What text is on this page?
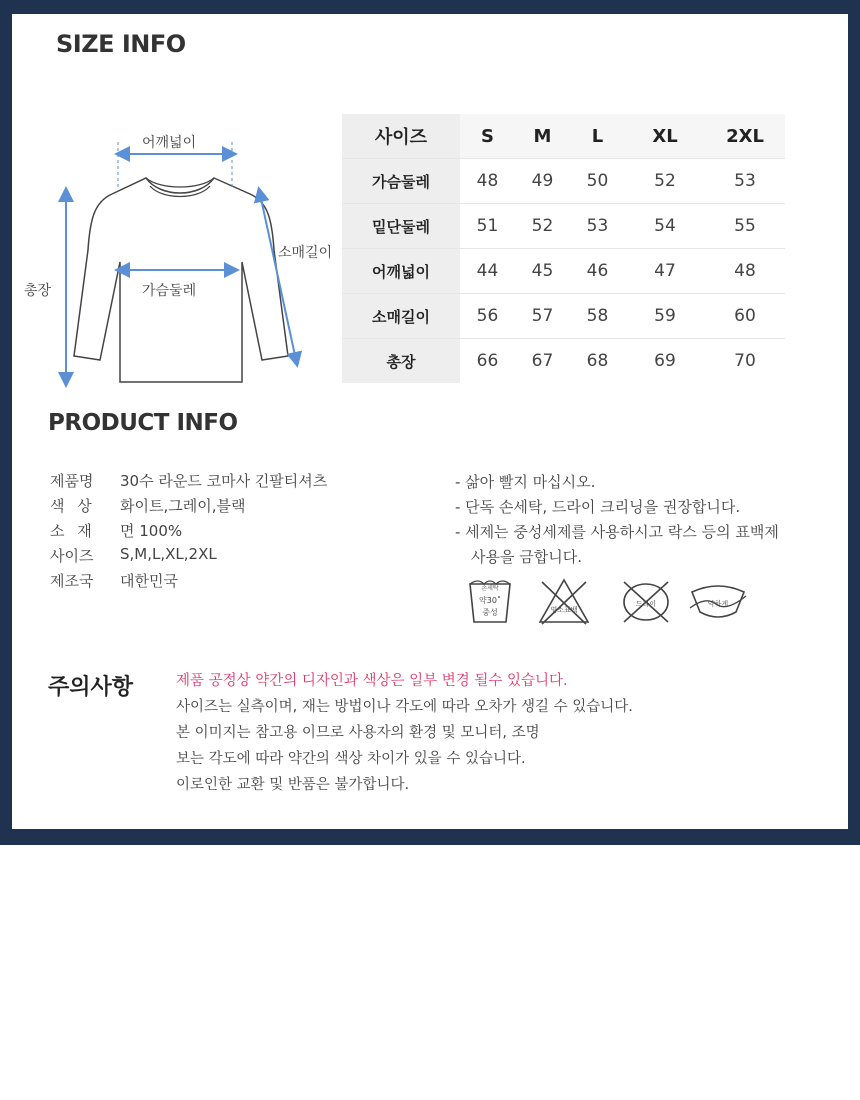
SIZE INFO
어깨넓이
소매길이
총장	가슴둘레
사이즈	S	M	L	XL	2XL
가슴둘레	48	49	50	52	53
밑단둘레	51	52	53	54	55
어깨넓이	44	45	46	47	48
소매길이	56	57	58	59	60
총장	66	67	68	69	70
PRODUCT INFO
제품명	30수 라운드 코마사 긴팔티셔츠
색 상	화이트,그레이,블랙
소 재	면 100%
사이즈	S,M,L,XL,2XL
제조국	대한민국
- 삶아 빨지 마십시오.
- 단독 손세탁, 드라이 크리닝을 권장합니다.
- 세제는 중성세제를 사용하시고 락스 등의 표백제
사용을 금합니다.
손세탁
약30˚
중성	염소표백
드라이	약하게
주의사항	제품 공정상 약간의 디자인과 색상은 일부 변경 될수 있습니다.
사이즈는 실측이며, 재는 방법이나 각도에 따라 오차가 생길 수 있습니다.
본 이미지는 참고용 이므로 사용자의 환경 및 모니터, 조명
보는 각도에 따라 약간의 색상 차이가 있을 수 있습니다.
이로인한 교환 및 반품은 불가합니다.
